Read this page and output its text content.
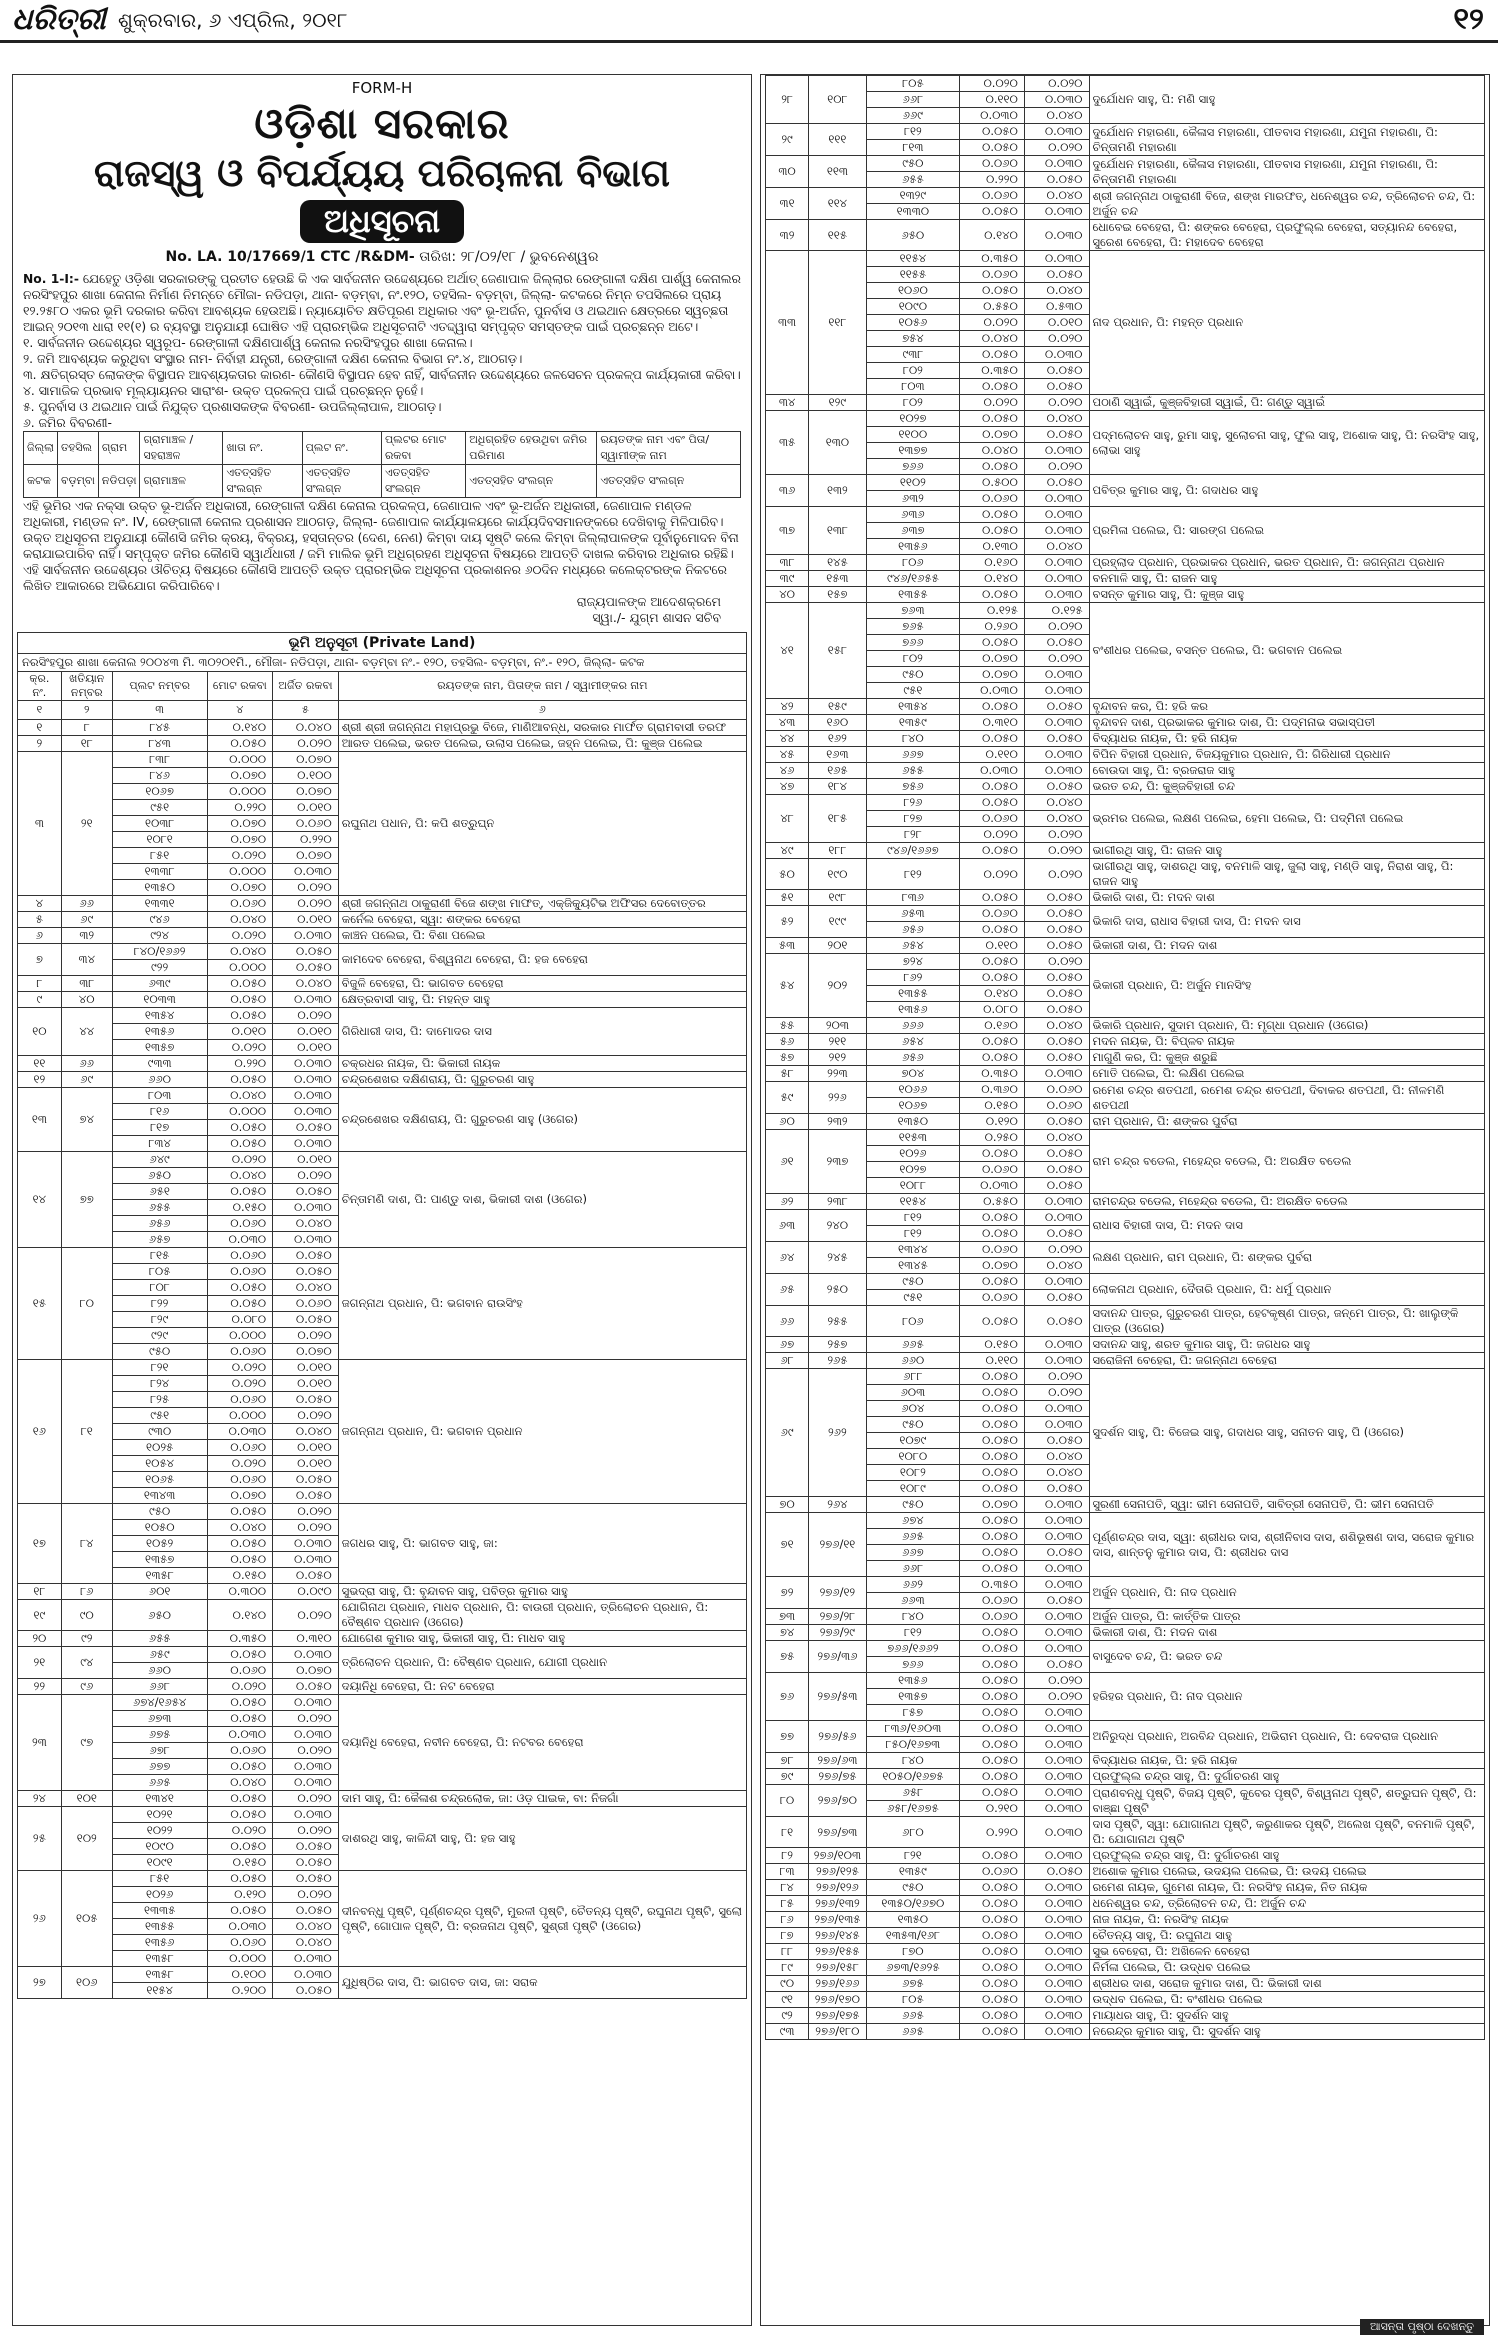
ଧରିତ୍ରୀ ଶୁକ୍ରବାର, ୬ ଏପ୍ରିଲ, ୨୦୧୮	୧୨
FORM-H
ଓଡ଼ିଶା ସରକାର
ରାଜସ୍ୱ ଓ ବିପର୍ଯ୍ୟୟ ପରିଚାଳନା ବିଭାଗ
ଅଧିସୂଚନା
No. LA. 10/17669/1 CTC /R&DM- ତାରିଖ: ୨୮/୦୨/୧୮ / ଭୁବନେଶ୍ୱର

No. 1-I:- ଯେହେତୁ ଓଡ଼ିଶା ସରକାରଙ୍କୁ ପ୍ରତୀତ ହେଉଛି କି ଏକ ସାର୍ବଜନୀନ ଉଦ୍ଦେଶ୍ୟରେ ଅର୍ଥାତ୍ ଜେଣାପାଳ ଜିଲ୍ଲାର ରେଙ୍ଗାଳୀ ଦକ୍ଷିଣ ପାର୍ଶ୍ୱ କେନାଲର ନରସିଂହପୁର ଶାଖା କେନାଲ ନିର୍ମାଣ ନିମନ୍ତେ ମୌଜା- ନଡିପଡ଼ା, ଥାନା- ବଡ଼ମ୍ବା, ନଂ.୧୨୦, ତହସିଲ- ବଡ଼ମ୍ବା, ଜିଲ୍ଲା- କଟକରେ ନିମ୍ନ ତପସିଲରେ ପ୍ରାୟ ୧୨.୨୫୮୦ ଏକର ଭୂମି ଦରକାର କରିବା ଆବଶ୍ୟକ ହେଉଅଛି। ନ୍ୟାୟୋଚିତ କ୍ଷତିପୂରଣ ଅଧିକାର ଏବଂ ଭୂ-ଅର୍ଜନ, ପୁନର୍ବାସ ଓ ଥଇଥାନ କ୍ଷେତ୍ରରେ ସ୍ୱଚ୍ଛତା ଆଇନ୍ ୨୦୧୩ ଧାରା ୧୧(୧) ର ବ୍ୟବସ୍ଥା ଅନୁଯାୟୀ ଘୋଷିତ ଏହି ପ୍ରାରମ୍ଭିକ ଅଧିସୂଚନାଟି ଏତଦ୍ଦ୍ୱାରା ସମ୍ପୃକ୍ତ ସମସ୍ତଙ୍କ ପାଇଁ ପ୍ରଚ୍ଛନ୍ନ ଅଟେ।

୧. ସାର୍ବଜନୀନ ଉଦ୍ଦେଶ୍ୟର ସ୍ୱରୂପ- ରେଙ୍ଗାଳୀ ଦକ୍ଷିଣପାର୍ଶ୍ୱ କେନାଲ ନରସିଂହପୁର ଶାଖା କେନାଲ।
୨. ଜମି ଆବଶ୍ୟକ କରୁଥିବା ସଂସ୍ଥାର ନାମ- ନିର୍ବାହୀ ଯନ୍ତ୍ରୀ, ରେଙ୍ଗାଳୀ ଦକ୍ଷିଣ କେନାଲ ବିଭାଗ ନଂ.୪, ଆଠଗଡ଼।
୩. କ୍ଷତିଗ୍ରସ୍ତ ଲୋକଙ୍କ ବିସ୍ଥାପନ ଆବଶ୍ୟକତାର କାରଣ- କୌଣସି ବିସ୍ଥାପନ ହେବ ନାହିଁ, ସାର୍ବଜନୀନ ଉଦ୍ଦେଶ୍ୟରେ ଜଳସେଚନ ପ୍ରକଳ୍ପ କାର୍ଯ୍ୟକାରୀ କରିବା।
୪. ସାମାଜିକ ପ୍ରଭାବ ମୂଲ୍ୟାୟନର ସାରାଂଶ- ଉକ୍ତ ପ୍ରକଳ୍ପ ପାଇଁ ପ୍ରଚ୍ଛନ୍ନ ନୁହେଁ।
୫. ପୁନର୍ବାସ ଓ ଥଇଥାନ ପାଇଁ ନିଯୁକ୍ତ ପ୍ରଶାସକଙ୍କ ବିବରଣୀ- ଉପଜିଲ୍ଲାପାଳ, ଆଠଗଡ଼।
୬. ଜମିର ବିବରଣୀ-
ଜିଲ୍ଲା	ତହସିଲ	ଗ୍ରାମ	ଗ୍ରାମାଞ୍ଚଳ / ସହରାଞ୍ଚଳ	ଖାତା ନଂ.	ପ୍ଲଟ ନଂ.	ପ୍ଲଟର ମୋଟ ରକବା	ଅଧିଗ୍ରହିତ ହେଉଥିବା ଜମିର ପରିମାଣ	ରୟତଙ୍କ ନାମ ଏବଂ ପିତା/ସ୍ୱାମୀଙ୍କ ନାମ
କଟକ	ବଡ଼ମ୍ବା	ନଡିପଡ଼ା	ଗ୍ରାମାଞ୍ଚଳ	ଏତତ୍ସହିତ ସଂଲଗ୍ନ	ଏତତ୍ସହିତ ସଂଲଗ୍ନ	ଏତତ୍ସହିତ ସଂଲଗ୍ନ	ଏତତ୍ସହିତ ସଂଲଗ୍ନ	ଏତତ୍ସହିତ ସଂଲଗ୍ନ

ଏହି ଭୂମିର ଏକ ନକ୍ସା ଉକ୍ତ ଭୂ-ଅର୍ଜନ ଅଧିକାରୀ, ରେଙ୍ଗାଳୀ ଦକ୍ଷିଣ କେନାଲ ପ୍ରକଳ୍ପ, ଜେଣାପାଳ ଏବଂ ଭୂ-ଅର୍ଜନ ଅଧିକାରୀ, ଜେଣାପାଳ ମଣ୍ଡଳ ଅଧିକାରୀ, ମଣ୍ଡଳ ନଂ. IV, ରେଙ୍ଗାଳୀ କେନାଲ ପ୍ରଶାସନ ଆଠଗଡ଼, ଜିଲ୍ଲା- ଜେଣାପାଳ କାର୍ଯ୍ୟାଳୟରେ କାର୍ଯ୍ୟଦିବସମାନଙ୍କରେ ଦେଖିବାକୁ ମିଳିପାରିବ।

ଉକ୍ତ ଅଧିସୂଚନା ଅନୁଯାୟୀ କୌଣସି ଜମିର କ୍ରୟ, ବିକ୍ରୟ, ହସ୍ତାନ୍ତର (ଦେଣ, ନେଣ) କିମ୍ବା ଦାୟ ସୃଷ୍ଟି କଲେ କିମ୍ବା ଜିଲ୍ଲାପାଳଙ୍କ ପୂର୍ବାନୁମୋଦନ ବିନା କରାଯାଇପାରିବ ନାହିଁ। ସମ୍ପୃକ୍ତ ଜମିର କୌଣସି ସ୍ୱାର୍ଥଧାରୀ / ଜମି ମାଲିକ ଭୂମି ଅଧିଗ୍ରହଣ ଅଧିସୂଚନା ବିଷୟରେ ଆପତ୍ତି ଦାଖଲ କରିବାର ଅଧିକାର ରହିଛି। ଏହି ସାର୍ବଜନୀନ ଉଦ୍ଦେଶ୍ୟର ଔଚିତ୍ୟ ବିଷୟରେ କୌଣସି ଆପତ୍ତି ଉକ୍ତ ପ୍ରାରମ୍ଭିକ ଅଧିସୂଚନା ପ୍ରକାଶନର ୬୦ଦିନ ମଧ୍ୟରେ କଲେକ୍ଟରଙ୍କ ନିକଟରେ ଲିଖିତ ଆକାରରେ ଅଭିଯୋଗ କରିପାରିବେ।

ରାଜ୍ୟପାଳଙ୍କ ଆଦେଶକ୍ରମେ
ସ୍ୱା./- ଯୁଗ୍ମ ଶାସନ ସଚିବ
ଭୂମି ଅନୁସୂଚୀ (Private Land)
ନରସିଂହପୁର ଶାଖା କେନାଲ ୨୦୦୪୩ ମି. ୩୦୨୦୧ମି., ମୌଜା- ନଡିପଡ଼ା, ଥାନା- ବଡ଼ମ୍ବା ନଂ.- ୧୨୦, ତହସିଲ- ବଡ଼ମ୍ବା, ନଂ.- ୧୨୦, ଜିଲ୍ଲା- କଟକ
କ୍ର. ନଂ.	ଖତିୟାନ ନମ୍ବର	ପ୍ଲଟ ନମ୍ବର	ମୋଟ ରକବା	ଅର୍ଜିତ ରକବା	ରୟତଙ୍କ ନାମ, ପିତାଙ୍କ ନାମ / ସ୍ୱାମୀଙ୍କର ନାମ
୧	୨	୩	୪	୫	୬
୧	୮	୮୪୫	୦.୧୪୦	୦.୦୪୦	ଶ୍ରୀ ଶ୍ରୀ ଜଗନ୍ନାଥ ମହାପ୍ରଭୁ ବିଜେ, ମାଣିଆବନ୍ଧ, ସରକାର ମାର୍ଫତ ଗ୍ରାମବାସୀ ତରଫ
୨	୧୮	୮୪୩	୦.୦୫୦	୦.୦୨୦	ଆରତ ପଲେଇ, ଭରତ ପଲେଇ, ଉଲାସ ପଲେଇ, ଜହ୍ନ ପଲେଇ, ପି: କୁଞ୍ଜ ପଲେଇ
୩	୨୧	୮୩୮	୦.୦୦୦	୦.୦୭୦	ରଘୁନାଥ ପଧାନ, ପି: କପି ଶତ୍ରୁଘ୍ନ
		୮୪୬	୦.୦୭୦	୦.୧୦୦	
		୧୦୬୭	୦.୦୦୦	୦.୦୭୦	
		୯୫୧	୦.୨୨୦	୦.୦୧୦	
		୧୦୩୮	୦.୦୭୦	୦.୦୬୦	
		୧୦୮୧	୦.୦୭୦	୦.୨୨୦	
		୮୫୧	୦.୦୨୦	୦.୦୭୦	
		୧୩୩୮	୦.୦୦୦	୦.୦୩୦	
		୧୩୫୦	୦.୦୭୦	୦.୦୨୦	
୪	୬୬	୧୩୩୧	୦.୦୬୦	୦.୦୨୦	ଶ୍ରୀ ଜଗନ୍ନାଥ ଠାକୁରାଣୀ ବିଜେ ଶଙ୍ଖ ମାଫତ୍, ଏକ୍ଜିକ୍ୟୁଟିଭ ଅଫିସର ଦେବୋତ୍ତର
୫	୬୯	୯୪୬	୦.୦୪୦	୦.୦୧୦	କର୍ନେଲ ବେହେରା, ସ୍ୱା: ଶଙ୍କର ବେହେରା
୬	୩୨	୯୨୪	୦.୦୨୦	୦.୦୩୦	କାଞ୍ଚନ ପଲେଇ, ପି: ବିଶା ପଲେଇ
୭	୩୪	୮୪୦/୧୬୬୨	୦.୦୪୦	୦.୦୫୦	କାମଦେବ ବେହେରା, ବିଶ୍ୱନାଥ ବେହେରା, ପି: ହଜ ବେହେରା
		୯୨୨	୦.୦୦୦	୦.୦୫୦	
୮	୩୮	୬୩୯	୦.୦୫୦	୦.୦୪୦	ବିଜୁଳି ବେହେରା, ପି: ଭାଗବତ ବେହେରା
୯	୪୦	୧୦୩୩	୦.୦୫୦	୦.୦୩୦	କ୍ଷେତ୍ରବାସୀ ସାହୁ, ପି: ମହନ୍ତ ସାହୁ
୧୦	୪୪	୧୩୫୪	୦.୦୫୦	୦.୦୨୦	ଗିରିଧାରୀ ଦାସ, ପି: ଦାମୋଦର ଦାସ
		୧୩୫୬	୦.୦୧୦	୦.୦୧୦	
		୧୩୫୭	୦.୦୨୦	୦.୦୧୦	
୧୧	୬୬	୯୩୩	୦.୨୨୦	୦.୦୩୦	ଚକ୍ରଧର ନାୟକ, ପି: ଭିକାରୀ ନାୟକ
୧୨	୬୯	୬୬୦	୦.୦୫୦	୦.୦୩୦	ଚନ୍ଦ୍ରଶେଖର ଦକ୍ଷିଣରାୟ, ପି: ଗୁରୁଚରଣ ସାହୁ
୧୩	୭୪	୮୦୩	୦.୦୪୦	୦.୦୩୦	ଚନ୍ଦ୍ରଶେଖର ଦକ୍ଷିଣରାୟ, ପି: ଗୁରୁଚରଣ ସାହୁ (ଓଗେର)
		୮୧୬	୦.୦୦୦	୦.୦୩୦	
		୮୧୭	୦.୦୫୦	୦.୦୫୦	
		୮୩୪	୦.୦୫୦	୦.୦୩୦	
୧୪	୭୭	୬୪୯	୦.୦୨୦	୦.୦୧୦	ଚିନ୍ତାମଣି ଦାଶ, ପି: ପାଣ୍ଡୁ ଦାଶ, ଭିକାରୀ ଦାଶ (ଓଗେର)
		୬୫୦	୦.୦୪୦	୦.୦୨୦	
		୬୫୧	୦.୦୫୦	୦.୦୫୦	
		୬୫୫	୦.୧୫୦	୦.୦୩୦	
		୬୫୬	୦.୦୬୦	୦.୦୪୦	
		୬୫୭	୦.୦୩୦	୦.୦୩୦	
୧୫	୮୦	୮୧୫	୦.୦୬୦	୦.୦୫୦	ଜଗନ୍ନାଥ ପ୍ରଧାନ, ପି: ଭଗବାନ ରାଉସିଂହ
		୮୦୫	୦.୦୬୦	୦.୦୫୦	
		୮୦୮	୦.୦୫୦	୦.୦୪୦	
		୮୨୨	୦.୦୫୦	୦.୦୬୦	
		୮୨୯	୦.୦୮୦	୦.୦୫୦	
		୯୨୯	୦.୦୦୦	୦.୦୨୦	
		୯୫୦	୦.୦୬୦	୦.୦୭୦	
୧୬	୮୧	୮୨୧	୦.୦୨୦	୦.୦୧୦	ଜଗନ୍ନାଥ ପ୍ରଧାନ, ପି: ଭଗବାନ ପ୍ରଧାନ
		୮୨୪	୦.୦୨୦	୦.୦୧୦	
		୮୨୫	୦.୦୬୦	୦.୦୫୦	
		୯୫୧	୦.୦୦୦	୦.୦୨୦	
		୯୩୦	୦.୦୩୦	୦.୦୪୦	
		୧୦୨୫	୦.୦୬୦	୦.୦୧୦	
		୧୦୫୪	୦.୦୨୦	୦.୦୧୦	
		୧୦୬୫	୦.୦୬୦	୦.୦୫୦	
		୧୩୪୩	୦.୦୭୦	୦.୦୫୦	
୧୭	୮୪	୯୫୦	୦.୦୫୦	୦.୦୨୦	ଜଗଧର ସାହୁ, ପି: ଭାଗବତ ସାହୁ, ଜା:
		୧୦୫୦	୦.୦୪୦	୦.୦୨୦	
		୧୦୫୨	୦.୦୫୦	୦.୦୩୦	
		୧୩୫୭	୦.୦୫୦	୦.୦୩୦	
		୧୩୫୮	୦.୧୫୦	୦.୦୫୦	
୧୮	୮୬	୬୦୧	୦.୩୦୦	୦.୦୯୦	ସୁଭଦ୍ରା ସାହୁ, ପି: ବୃନ୍ଦାବନ ସାହୁ, ପବିତ୍ର କୁମାର ସାହୁ
୧୯	୯୦	୬୫୦	୦.୧୪୦	୦.୦୨୦	ଯୋଗିନାଥ ପ୍ରଧାନ, ମାଧବ ପ୍ରଧାନ, ପି: ବାଉରୀ ପ୍ରଧାନ, ତ୍ରିଲୋଚନ ପ୍ରଧାନ, ପି: ବୈଷ୍ଣବ ପ୍ରଧାନ (ଓଗେର)
୨୦	୯୨	୬୫୫	୦.୩୫୦	୦.୩୧୦	ଯୋଗେଶ କୁମାର ସାହୁ, ଭିକାରୀ ସାହୁ, ପି: ମାଧବ ସାହୁ
୨୧	୯୪	୬୫୯	୦.୦୫୦	୦.୦୩୦	ତ୍ରିଲୋଚନ ପ୍ରଧାନ, ପି: ବୈଷ୍ଣବ ପ୍ରଧାନ, ଯୋଗୀ ପ୍ରଧାନ
		୬୬୦	୦.୦୬୦	୦.୦୭୦	
୨୨	୯୬	୬୬୮	୦.୦୨୦	୦.୦୫୦	ଦୟାନିଧି ବେହେରା, ପି: ନଟ ବେହେରା
୨୩	୯୭	୬୭୪/୧୬୫୪	୦.୦୫୦	୦.୦୩୦	ଦୟାନିଧି ବେହେରା, ନବୀନ ବେହେରା, ପି: ନଟବର ବେହେରା
		୬୭୩	୦.୦୫୦	୦.୦୨୦	
		୬୭୫	୦.୦୩୦	୦.୦୩୦	
		୬୭୮	୦.୦୬୦	୦.୦୨୦	
		୬୭୭	୦.୦୫୦	୦.୦୩୦	
		୬୬୫	୦.୦୪୦	୦.୦୩୦	
୨୪	୧୦୧	୧୩୪୧	୦.୦୫୦	୦.୦୨୦	ଦାମ ସାହୁ, ପି: କୈଳାଶ ଚନ୍ଦ୍ରଲୋକ, ଜା: ଓଡ଼ ପାଇକ, ବା: ନିଜଗାଁ
୨୫	୧୦୨	୧୦୨୧	୦.୦୫୦	୦.୦୩୦	ଦାଶରଥି ସାହୁ, କାଳିନ୍ଦୀ ସାହୁ, ପି: ହଜ ସାହୁ
		୧୦୨୨	୦.୦୨୦	୦.୦୨୦	
		୧୦୯୦	୦.୦୫୦	୦.୦୫୦	
		୧୦୯୧	୦.୧୫୦	୦.୦୫୦	
୨୬	୧୦୫	୮୫୧	୦.୦୫୦	୦.୦୫୦	ଦୀନବନ୍ଧୁ ପୃଷ୍ଟି, ପୂର୍ଣ୍ଣଚନ୍ଦ୍ର ପୃଷ୍ଟି, ମୁରଳୀ ପୃଷ୍ଟି, ଚୈତନ୍ୟ ପୃଷ୍ଟି, ରଘୁନାଥ ପୃଷ୍ଟି, ସୁଲୋ ପୃଷ୍ଟି, ଗୋପାଳ ପୃଷ୍ଟି, ପି: ବ୍ରଜନାଥ ପୃଷ୍ଟି, ସୁଶ୍ରୀ ପୃଷ୍ଟି (ଓଗେର)
		୧୦୨୬	୦.୧୨୦	୦.୦୨୦	
		୧୩୩୫	୦.୦୫୦	୦.୦୫୦	
		୧୩୫୫	୦.୦୩୦	୦.୦୪୦	
		୧୩୫୬	୦.୦୬୦	୦.୦୪୦	
		୧୩୫୮	୦.୦୦୦	୦.୦୩୦	
୨୭	୧୦୬	୧୩୫୮	୦.୧୦୦	୦.୦୩୦	ଯୁଧିଷ୍ଠିର ଦାସ, ପି: ଭାଗବତ ଦାସ, ଜା: ସରାକ
		୧୧୫୪	୦.୨୦୦	୦.୦୫୦	
୨୮	୧୦୮	୮୦୫	୦.୦୨୦	୦.୦୨୦	ଦୁର୍ଯୋଧନ ସାହୁ, ପି: ମଣି ସାହୁ
		୬୬୮	୦.୧୧୦	୦.୦୩୦	
		୬୬୯	୦.୦୩୦	୦.୦୪୦	
୨୯	୧୧୧	୮୧୨	୦.୦୫୦	୦.୦୩୦	ଦୁର୍ଯୋଧନ ମହାରଣା, କୈଳାସ ମହାରଣା, ପୀତବାସ ମହାରଣା, ଯମୁନା ମହାରଣା, ପି: ଚିନ୍ତାମଣି ମହାରଣା
		୮୧୩	୦.୦୫୦	୦.୦୨୦	
୩୦	୧୧୩	୯୫୦	୦.୦୬୦	୦.୦୩୦	ଦୁର୍ଯୋଧନ ମହାରଣା, କୈଳାସ ମହାରଣା, ପୀତବାସ ମହାରଣା, ଯମୁନା ମହାରଣା, ପି: ଚିନ୍ତାମଣି ମହାରଣା
		୬୫୫	୦.୨୨୦	୦.୦୫୦	
୩୧	୧୧୪	୧୩୨୯	୦.୦୬୦	୦.୦୪୦	ଶ୍ରୀ ଜଗନ୍ନାଥ ଠାକୁରାଣୀ ବିଜେ, ଶଙ୍ଖ ମାରଫତ୍, ଧନେଶ୍ୱର ଚନ୍ଦ, ତ୍ରିଲୋଚନ ଚନ୍ଦ, ପି: ଅର୍ଜୁନ ଚନ୍ଦ
		୧୩୩୦	୦.୦୫୦	୦.୦୩୦	
୩୨	୧୧୫	୬୫୦	୦.୧୪୦	୦.୦୩୦	ଧୋବେଇ ବେହେରା, ପି: ଶଙ୍କର ବେହେରା, ପ୍ରଫୁଲ୍ଲ ବେହେରା, ସତ୍ୟାନନ୍ଦ ବେହେରା, ସୁରେଶ ବେହେରା, ପି: ମହାଦେବ ବେହେରା
୩୩	୧୧୮	୧୧୫୪	୦.୩୫୦	୦.୦୩୦	ନାଦ ପ୍ରଧାନ, ପି: ମହନ୍ତ ପ୍ରଧାନ
		୧୧୫୫	୦.୦୬୦	୦.୦୫୦	
		୧୦୬୦	୦.୦୫୦	୦.୦୪୦	
		୧୦୯୦	୦.୫୫୦	୦.୫୩୦	
		୧୦୫୬	୦.୦୨୦	୦.୦୧୦	
		୭୫୪	୦.୦୪୦	୦.୦୨୦	
		୯୩୮	୦.୦୫୦	୦.୦୩୦	
		୮୦୨	୦.୩୫୦	୦.୦୫୦	
		୮୦୩	୦.୦୫୦	୦.୦୫୦	
୩୪	୧୨୯	୮୦୨	୦.୦୨୦	୦.୦୨୦	ପଠାଣି ସ୍ୱାଇଁ, କୁଞ୍ଜବିହାରୀ ସ୍ୱାଇଁ, ପି: ଗଣ୍ଡୁ ସ୍ୱାଇଁ
୩୫	୧୩୦	୧୦୨୭	୦.୦୫୦	୦.୦୪୦	ପଦ୍ମଲୋଚନ ସାହୁ, ରୁମା ସାହୁ, ସୁଲୋଚନା ସାହୁ, ଫୁଲ ସାହୁ, ଅଶୋକ ସାହୁ, ପି: ନରସିଂହ ସାହୁ, ଲୋଭା ସାହୁ
		୧୧୦୦	୦.୦୭୦	୦.୦୫୦	
		୧୩୭୭	୦.୦୪୦	୦.୦୩୦	
		୭୬୬	୦.୦୫୦	୦.୦୨୦	
୩୬	୧୩୨	୧୧୦୨	୦.୫୦୦	୦.୦୫୦	ପବିତ୍ର କୁମାର ସାହୁ, ପି: ଗଦାଧର ସାହୁ
		୬୩୨	୦.୦୬୦	୦.୦୩୦	
୩୭	୧୩୮	୬୩୬	୦.୦୫୦	୦.୦୩୦	ପ୍ରମିଳା ପଲେଇ, ପି: ସାରଙ୍ଗ ପଲେଇ
		୬୩୭	୦.୦୫୦	୦.୦୩୦	
		୧୩୫୬	୦.୧୩୦	୦.୦୪୦	
୩୮	୧୪୫	୮୦୬	୦.୧୬୦	୦.୦୩୦	ପ୍ରହ୍ଲାଦ ପ୍ରଧାନ, ପ୍ରଭାକର ପ୍ରଧାନ, ଭରତ ପ୍ରଧାନ, ପି: ଜଗନ୍ନାଥ ପ୍ରଧାନ
୩୯	୧୫୩	୯୪୬/୧୬୫୫	୦.୧୪୦	୦.୦୩୦	ବନମାଳି ସାହୁ, ପି: ରାଜନ ସାହୁ
୪୦	୧୫୭	୧୩୫୫	୦.୦୫୦	୦.୦୩୦	ବସନ୍ତ କୁମାର ସାହୁ, ପି: କୁଞ୍ଜ ସାହୁ
୪୧	୧୫୮	୭୬୩	୦.୧୨୫	୦.୧୨୫	ବଂଶୀଧର ପଲେଇ, ବସନ୍ତ ପଲେଇ, ପି: ଭଗବାନ ପଲେଇ
		୭୬୫	୦.୨୬୦	୦.୦୨୦	
		୭୬୬	୦.୦୫୦	୦.୦୫୦	
		୮୦୨	୦.୦୭୦	୦.୦୨୦	
		୯୫୦	୦.୦୭୦	୦.୦୩୦	
		୯୫୧	୦.୦୩୦	୦.୦୩୦	
୪୨	୧୫୯	୧୩୫୪	୦.୦୫୦	୦.୦୫୦	ବୃନ୍ଦାବନ କର, ପି: ହରି କର
୪୩	୧୬୦	୧୩୫୯	୦.୩୧୦	୦.୦୩୦	ବୃନ୍ଦାବନ ଦାଶ, ପ୍ରଭାକର କୁମାର ଦାଶ, ପି: ପଦ୍ମନାଭ ସଭାସ୍ପତୀ
୪୪	୧୬୨	୮୪୦	୦.୦୫୦	୦.୦୫୦	ବିଦ୍ୟାଧର ନାୟକ, ପି: ହରି ନାୟକ
୪୫	୧୬୩	୬୬୭	୦.୧୧୦	୦.୦୩୦	ବିପିନ ବିହାରୀ ପ୍ରଧାନ, ବିଜୟକୁମାର ପ୍ରଧାନ, ପି: ଗିରିଧାରୀ ପ୍ରଧାନ
୪୬	୧୬୫	୬୫୫	୦.୦୩୦	୦.୦୩୦	ବୋଉଦା ସାହୁ, ପି: ବ୍ରଜରାଜ ସାହୁ
୪୭	୧୮୪	୭୫୬	୦.୦୫୦	୦.୦୫୦	ଭରତ ଚନ୍ଦ, ପି: କୁଞ୍ଜବିହାରୀ ଚନ୍ଦ
୪୮	୧୮୫	୮୨୬	୦.୦୫୦	୦.୦୪୦	ଭ୍ରମର ପଲେଇ, ଲକ୍ଷଣ ପଲେଇ, ହେମା ପଲେଇ, ପି: ପଦ୍ମିନୀ ପଲେଇ
		୮୨୭	୦.୦୬୦	୦.୦୪୦	
		୮୨୮	୦.୦୨୦	୦.୦୨୦	
୪୯	୧୮୮	୯୪୬/୧୬୬୭	୦.୦୫୦	୦.୦୨୦	ଭାଗୀରଥି ସାହୁ, ପି: ରାଜନ ସାହୁ
୫୦	୧୯୦	୮୧୨	୦.୦୨୦	୦.୦୨୦	ଭାଗୀରଥି ସାହୁ, ଦାଶରଥି ସାହୁ, ବନମାଳି ସାହୁ, ଜୁଲା ସାହୁ, ମଣ୍ଡି ସାହୁ, ନିରାଶ ସାହୁ, ପି: ରାଜନ ସାହୁ
୫୧	୧୯୮	୮୩୬	୦.୦୫୦	୦.୦୫୦	ଭିକାରି ଦାଶ, ପି: ମଦନ ଦାଶ
୫୨	୧୯୯	୬୫୩	୦.୦୬୦	୦.୦୫୦	ଭିକାରି ଦାସ, ରାଧାସ ବିହାରୀ ଦାସ, ପି: ମଦନ ଦାସ
		୬୫୬	୦.୦୫୦	୦.୦୫୦	
୫୩	୨୦୧	୬୫୪	୦.୧୧୦	୦.୦୫୦	ଭିକାରୀ ଦାଶ, ପି: ମଦନ ଦାଶ
୫୪	୨୦୨	୭୨୪	୦.୦୫୦	୦.୦୨୦	ଭିକାରୀ ପ୍ରଧାନ, ପି: ଅର୍ଜୁନ ମାନସିଂହ
		୮୬୨	୦.୦୫୦	୦.୦୫୦	
		୧୩୫୫	୦.୧୪୦	୦.୦୫୦	
		୧୩୫୬	୦.୦୮୦	୦.୦୫୦	
୫୫	୨୦୩	୬୬୬	୦.୧୬୦	୦.୦୪୦	ଭିକାରି ପ୍ରଧାନ, ସୁଦାମ ପ୍ରଧାନ, ପି: ମୃଗ୍ଧା ପ୍ରଧାନ (ଓଗେର)
୫୬	୨୧୧	୬୫୪	୦.୦୫୦	୦.୦୫୦	ମଦନ ନାୟକ, ପି: ବିପ୍ଳବ ନାୟକ
୫୭	୨୧୨	୬୫୬	୦.୦୫୦	୦.୦୫୦	ମାଗୁଣି କର, ପି: କୁଞ୍ଜ ଶରୁଛି
୫୮	୨୨୩	୭୦୪	୦.୩୫୦	୦.୦୩୦	ମୋତି ପଲେଇ, ପି: ଲକ୍ଷିଣ ପଲେଇ
୫୯	୨୨୬	୧୦୬୬	୦.୩୬୦	୦.୦୬୦	ରମେଶ ଚନ୍ଦ୍ର ଶତପଥୀ, ରମେଶ ଚନ୍ଦ୍ର ଶତପଥୀ, ଦିବାକର ଶତପଥୀ, ପି: ନୀଳମଣି ଶତପଥୀ
		୧୦୬୭	୦.୧୫୦	୦.୦୬୦	
୬୦	୨୩୨	୧୩୫୦	୦.୧୨୦	୦.୦୫୦	ରାମ ପ୍ରଧାନ, ପି: ଶଙ୍କର ପୁର୍ବରା
୬୧	୨୩୭	୧୧୫୩	୦.୨୫୦	୦.୦୪୦	ରାମ ଚନ୍ଦ୍ର ବଡେଲ, ମହେନ୍ଦ୍ର ବଡେଲ, ପି: ଅରକ୍ଷିତ ବଡେଲ
		୧୦୨୬	୦.୦୫୦	୦.୦୫୦	
		୧୦୨୭	୦.୦୬୦	୦.୦୫୦	
		୧୦୮୮	୦.୦୩୦	୦.୦୫୦	
୬୨	୨୩୮	୧୧୫୪	୦.୫୫୦	୦.୦୩୦	ରାମଚନ୍ଦ୍ର ବଡେଲ, ମହେନ୍ଦ୍ର ବଡେଲ, ପି: ଅରକ୍ଷିତ ବଡେଲ
୬୩	୨୪୦	୮୧୨	୦.୦୫୦	୦.୦୩୦	ରାଧାସ ବିହାରୀ ଦାସ, ପି: ମଦନ ଦାସ
		୮୧୨	୦.୦୫୦	୦.୦୫୦	
୬୪	୨୪୫	୧୩୪୪	୦.୦୬୦	୦.୦୨୦	ଲକ୍ଷଣ ପ୍ରଧାନ, ରାମ ପ୍ରଧାନ, ପି: ଶଙ୍କର ପୁର୍ବରା
		୧୩୪୫	୦.୦୭୦	୦.୦୪୦	
୬୫	୨୫୦	୯୫୦	୦.୦୫୦	୦.୦୩୦	ଲୋକନାଥ ପ୍ରଧାନ, ଦୈତାରି ପ୍ରଧାନ, ପି: ଧର୍ମୁ ପ୍ରଧାନ
		୯୫୧	୦.୦୬୦	୦.୦୫୦	
୬୬	୨୫୫	୮୦୬	୦.୦୫୦	୦.୦୫୦	ସଦାନନ୍ଦ ପାତ୍ର, ଗୁରୁଚରଣ ପାତ୍ର, ହେଟକୃଷ୍ଣ ପାତ୍ର, ଜନ୍ମେ ପାତ୍ର, ପି: ଖାଲୁଙ୍କି ପାତ୍ର (ଓଗେର)
୬୭	୨୫୭	୬୬୫	୦.୧୫୦	୦.୦୩୦	ସଦାନନ୍ଦ ସାହୁ, ଶରତ କୁମାର ସାହୁ, ପି: ଜଗଧର ସାହୁ
୬୮	୨୬୫	୬୬୦	୦.୧୧୦	୦.୦୩୦	ସରୋଜିନୀ ବେହେରା, ପି: ଜଗନ୍ନାଥ ବେହେରା
୬୯	୨୬୨	୬୮୮	୦.୦୫୦	୦.୦୨୦	ସୁଦର୍ଶନ ସାହୁ, ପି: ବିଜେଇ ସାହୁ, ଗଦାଧର ସାହୁ, ସନାତନ ସାହୁ, ପି (ଓଗେର)
		୬୦୩	୦.୦୫୦	୦.୦୨୦	
		୬୦୪	୦.୦୫୦	୦.୦୩୦	
		୯୫୦	୦.୦୫୦	୦.୦୩୦	
		୧୦୭୯	୦.୦୫୦	୦.୦୫୦	
		୧୦୮୦	୦.୦୫୦	୦.୦୪୦	
		୧୦୮୨	୦.୦୫୦	୦.୦୪୦	
		୧୦୮୯	୦.୦୫୦	୦.୦୫୦	
୭୦	୨୬୪	୯୫୦	୦.୦୭୦	୦.୦୩୦	ସୁରଣୀ ସେନାପତି, ସ୍ୱା: ଭୀମ ସେନାପତି, ସାବିତ୍ରୀ ସେନାପତି, ପି: ଭୀମ ସେନାପତି
୭୧	୨୭୬/୧୧	୬୭୪	୦.୦୫୦	୦.୦୩୦	ପୂର୍ଣ୍ଣଚନ୍ଦ୍ର ଦାସ, ସ୍ୱା: ଶ୍ରୀଧର ଦାସ, ଶ୍ରୀନିବାସ ଦାସ, ଶଶିଭୂଷଣ ଦାସ, ସରୋଜ କୁମାର ଦାସ, ଶାନ୍ତନୁ କୁମାର ଦାସ, ପି: ଶ୍ରୀଧର ଦାସ
		୬୬୫	୦.୦୫୦	୦.୦୩୦	
		୬୬୭	୦.୦୫୦	୦.୦୫୦	
		୬୬୮	୦.୦୫୦	୦.୦୩୦	
୭୨	୨୭୬/୧୨	୬୬୨	୦.୩୫୦	୦.୦୩୦	ଅର୍ଜୁନ ପ୍ରଧାନ, ପି: ନାଦ ପ୍ରଧାନ
		୬୬୩	୦.୦୬୦	୦.୦୫୦	
୭୩	୨୭୬/୨୮	୮୪୦	୦.୦୬୦	୦.୦୩୦	ଅର୍ଜୁନ ପାତ୍ର, ପି: କାର୍ତ୍ତିକ ପାତ୍ର
୭୪	୨୭୬/୨୯	୮୧୨	୦.୦୫୦	୦.୦୩୦	ଭିକାରୀ ଦାଶ, ପି: ମଦନ ଦାଶ
୭୫	୨୭୬/୩୬	୭୬୬/୧୬୬୨	୦.୦୫୦	୦.୦୩୦	ବାସୁଦେବ ଚନ୍ଦ, ପି: ଭରତ ଚନ୍ଦ
		୭୬୬	୦.୦୫୦	୦.୦୫୦	
୭୬	୨୭୬/୫୩	୧୩୫୬	୦.୦୫୦	୦.୦୨୦	ହରିହର ପ୍ରଧାନ, ପି: ନାଦ ପ୍ରଧାନ
		୧୩୫୭	୦.୦୫୦	୦.୦୨୦	
		୮୫୭	୦.୦୫୦	୦.୦୩୦	
୭୭	୨୭୬/୫୬	୮୩୬/୧୬୦୩	୦.୦୫୦	୦.୦୩୦	ଅନିରୁଦ୍ଧ ପ୍ରଧାନ, ଅରବିନ୍ଦ ପ୍ରଧାନ, ଅଭିରାମ ପ୍ରଧାନ, ପି: ଦେବରାଜ ପ୍ରଧାନ
		୮୫୦/୧୬୭୩	୦.୦୫୦	୦.୦୩୦	
୭୮	୨୭୬/୬୩	୮୪୦	୦.୦୫୦	୦.୦୩୦	ବିଦ୍ୟାଧର ନାୟକ, ପି: ହରି ନାୟକ
୭୯	୨୭୬/୭୫	୧୦୫୦/୧୬୭୫	୦.୦୫୦	୦.୦୩୦	ପ୍ରଫୁଲ୍ଲ ଚନ୍ଦ୍ର ସାହୁ, ପି: ଦୁର୍ଗାଚରଣ ସାହୁ
୮୦	୨୭୬/୭୦	୬୫୮	୦.୦୫୦	୦.୦୩୦	ପ୍ରାଣବନ୍ଧୁ ପୃଷ୍ଟି, ବିଜୟ ପୃଷ୍ଟି, କୁବେର ପୃଷ୍ଟି, ବିଶ୍ୱନାଥ ପୃଷ୍ଟି, ଶତ୍ରୁଘନ ପୃଷ୍ଟି, ପି: ବାଞ୍ଛା ପୃଷ୍ଟି
		୬୫୮/୧୬୭୫	୦.୨୧୦	୦.୦୩୦	
୮୧	୨୭୬/୭୩	୬୮୦	୦.୨୨୦	୦.୦୩୦	ଦାସ ପୃଷ୍ଟି, ସ୍ୱା: ଯୋଗାନାଥ ପୃଷ୍ଟି, କରୁଣାକର ପୃଷ୍ଟି, ଅଲେଖ ପୃଷ୍ଟି, ବନମାଳି ପୃଷ୍ଟି, ପି: ଯୋଗାନାଥ ପୃଷ୍ଟି
୮୨	୨୭୬/୧୦୩	୮୨୧	୦.୦୫୦	୦.୦୩୦	ପ୍ରଫୁଲ୍ଲ ଚନ୍ଦ୍ର ସାହୁ, ପି: ଦୁର୍ଗାଚରଣ ସାହୁ
୮୩	୨୭୬/୧୨୫	୧୩୫୯	୦.୦୬୦	୦.୦୫୦	ଅଶୋକ କୁମାର ପଲେଇ, ଉଦୟଲ ପଲେଇ, ପି: ଉଦୟ ପଲେଇ
୮୪	୨୭୬/୧୨୬	୯୫୦	୦.୦୫୦	୦.୦୩୦	ରମେଶ ନାୟକ, ଗୁମେଶ ନାୟକ, ପି: ନରସିଂହ ନାୟକ, ନିତ ନାୟକ
୮୫	୨୭୬/୧୩୨	୧୩୫୦/୧୬୭୦	୦.୦୫୦	୦.୦୩୦	ଧନେଶ୍ୱର ଚନ୍ଦ, ତ୍ରିଲୋଚନ ଚନ୍ଦ, ପି: ଅର୍ଜୁନ ଚନ୍ଦ
୮୬	୨୭୬/୧୩୫	୧୩୫୦	୦.୦୫୦	୦.୦୩୦	ନାଜ ନାୟକ, ପି: ନରସିଂହ ନାୟକ
୮୭	୨୭୬/୧୪୫	୧୩୫୩/୧୬୮	୦.୦୫୦	୦.୦୩୦	ଚୈତନ୍ୟ ସାହୁ, ପି: ରଘୁନାଥ ସାହୁ
୮୮	୨୭୬/୧୫୫	୮୭୦	୦.୦୫୦	୦.୦୩୦	ସୁଭ ବେହେରା, ପି: ଅଖିଳେନ ବେହେରା
୮୯	୨୭୬/୧୫୮	୬୭୩/୧୬୨୫	୦.୦୫୦	୦.୦୩୦	ନିର୍ମଳା ପଲେଇ, ପି: ଉଦ୍ଧବ ପଲେଇ
୯୦	୨୭୬/୧୬୬	୬୭୫	୦.୦୫୦	୦.୦୩୦	ଶ୍ରୀଧର ଦାଶ, ସରୋଜ କୁମାର ଦାଶ, ପି: ଭିକାରୀ ଦାଶ
୯୧	୨୭୬/୧୭୦	୮୦୫	୦.୦୫୦	୦.୦୩୦	ଉଦ୍ଧବ ପଲେଇ, ପି: ବଂଶୀଧର ପଲେଇ
୯୨	୨୭୬/୧୭୫	୬୬୫	୦.୦୫୦	୦.୦୩୦	ମାୟାଧର ସାହୁ, ପି: ସୁଦର୍ଶନ ସାହୁ
୯୩	୨୭୬/୧୮୦	୬୬୫	୦.୦୫୦	୦.୦୩୦	ନରେନ୍ଦ୍ର କୁମାର ସାହୁ, ପି: ସୁଦର୍ଶନ ସାହୁ
ଆସନ୍ତା ପୃଷ୍ଠା ଦେଖନ୍ତୁ
